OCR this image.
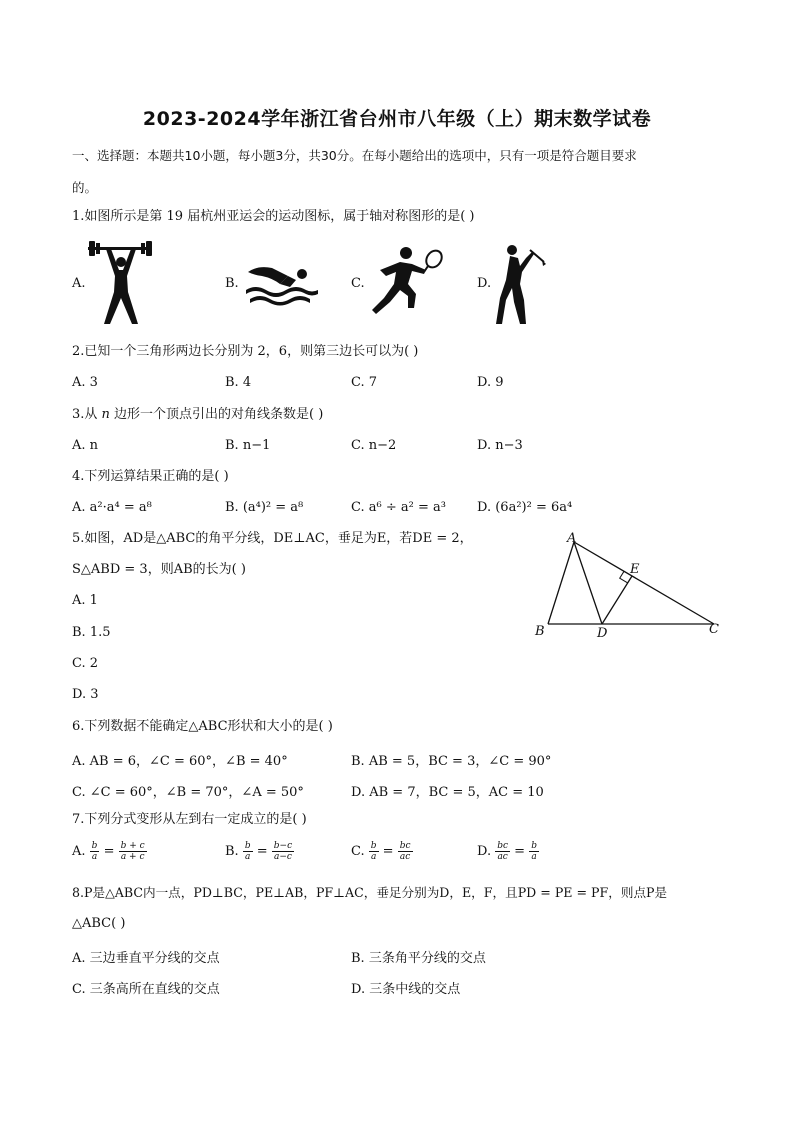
2023-2024学年浙江省台州市八年级（上）期末数学试卷
一、选择题：本题共10小题，每小题3分，共30分。在每小题给出的选项中，只有一项是符合题目要求
的。
1.如图所示是第 19 届杭州亚运会的运动图标，属于轴对称图形的是( )
A.	B.	C.	D.
2.已知一个三角形两边长分别为 2，6，则第三边长可以为( )
A. 3	B. 4	C. 7	D. 9
3.从 n 边形一个顶点引出的对角线条数是( )
A. n	B. n−1	C. n−2	D. n−3
4.下列运算结果正确的是( )
A. a²·a⁴ = a⁸	B. (a⁴)² = a⁸	C. a⁶ ÷ a² = a³ D. (6a²)² = 6a⁴
5.如图，AD是△ABC的角平分线，DE⊥AC，垂足为E，若DE = 2，
S△ABD = 3，则AB的长为( )
A. 1
B. 1.5
C. 2
D. 3
A
B	C
D
E
6.下列数据不能确定△ABC形状和大小的是( )
A. AB = 6，∠C = 60°，∠B = 40°	B. AB = 5，BC = 3，∠C = 90°
C. ∠C = 60°，∠B = 70°，∠A = 50°	D. AB = 7，BC = 5，AC = 10
7.下列分式变形从左到右一定成立的是( )
A. $\frac{b}{a} = \frac{b + c}{a + c}$	B. $\frac{b}{a} = \frac{b-c}{a-c}$	C. $\frac{b}{a} = \frac{bc}{ac}$	D. $\frac{bc}{ac} = \frac{b}{a}$
8.P是△ABC内一点，PD⊥BC，PE⊥AB，PF⊥AC，垂足分别为D，E，F，且PD = PE = PF，则点P是
△ABC( )
A. 三边垂直平分线的交点	B. 三条角平分线的交点
C. 三条高所在直线的交点	D. 三条中线的交点
